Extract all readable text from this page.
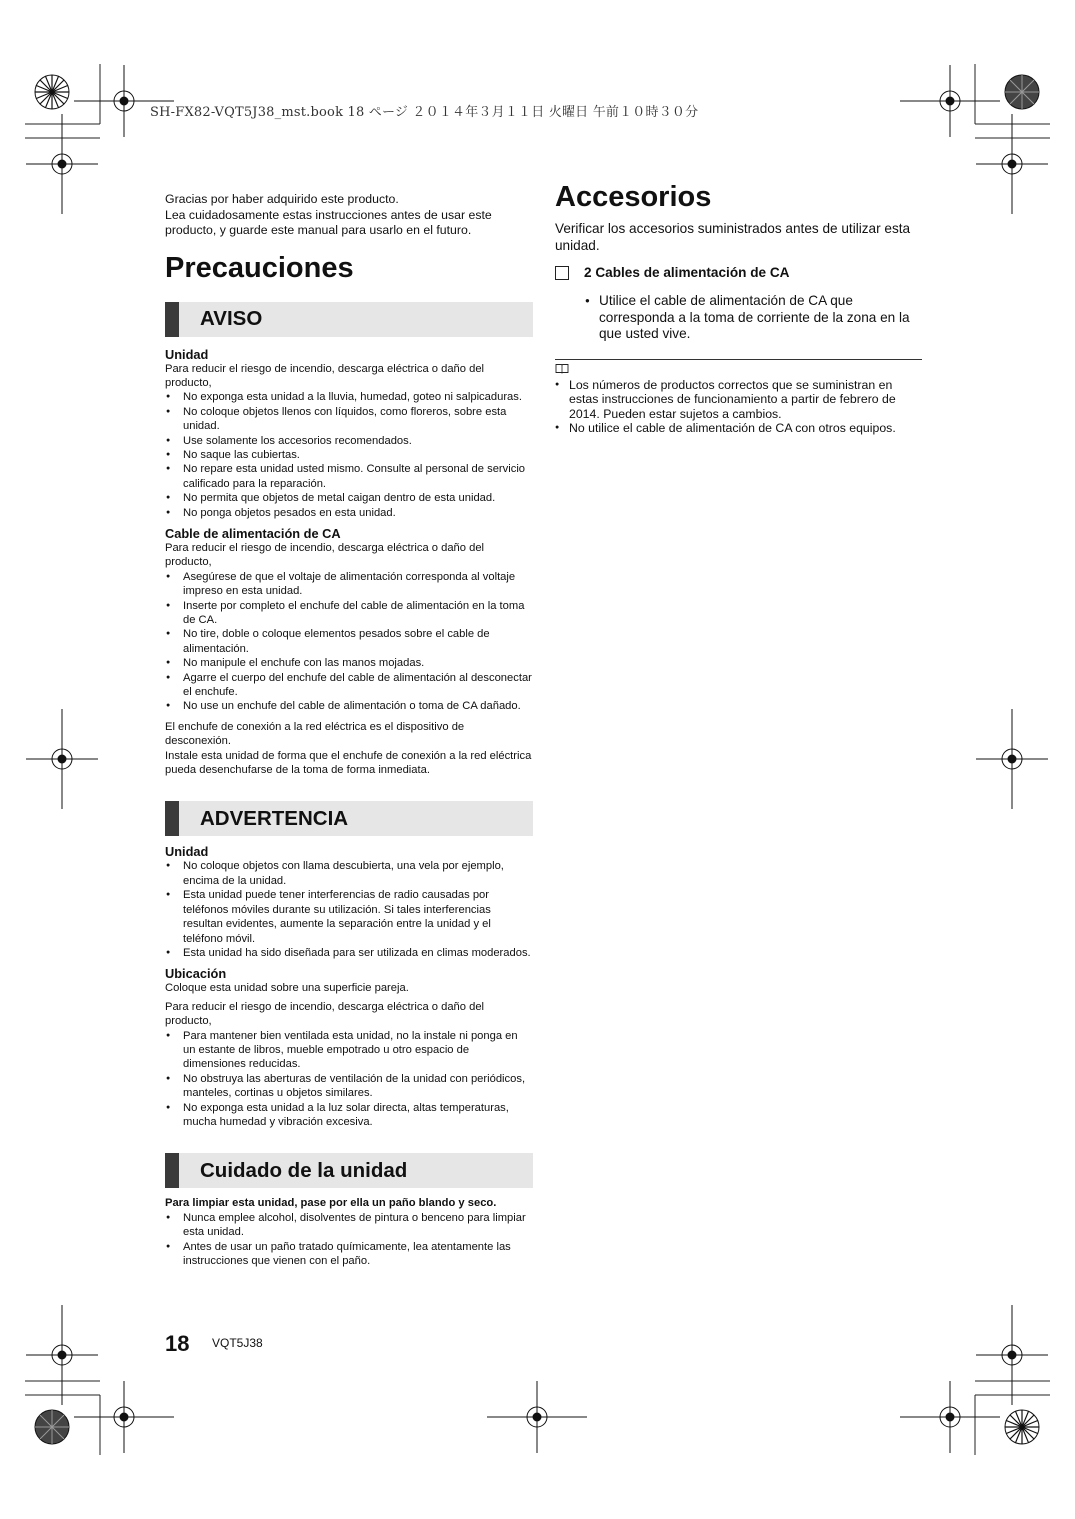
SH-FX82-VQT5J38_mst.book 18 ページ ２０１４年３月１１日 火曜日 午前１０時３０分

Gracias por haber adquirido este producto.

Lea cuidadosamente estas instrucciones antes de usar este producto, y guarde este manual para usarlo en el futuro.

Precauciones
AVISO

Unidad

Para reducir el riesgo de incendio, descarga eléctrica o daño del producto,

● No exponga esta unidad a la lluvia, humedad, goteo ni salpicaduras.
● No coloque objetos llenos con líquidos, como floreros, sobre esta unidad.
● Use solamente los accesorios recomendados.
● No saque las cubiertas.
● No repare esta unidad usted mismo. Consulte al personal de servicio calificado para la reparación.
● No permita que objetos de metal caigan dentro de esta unidad.
● No ponga objetos pesados en esta unidad.

Cable de alimentación de CA

Para reducir el riesgo de incendio, descarga eléctrica o daño del producto,

● Asegúrese de que el voltaje de alimentación corresponda al voltaje impreso en esta unidad.
● Inserte por completo el enchufe del cable de alimentación en la toma de CA.
● No tire, doble o coloque elementos pesados sobre el cable de alimentación.
● No manipule el enchufe con las manos mojadas.
● Agarre el cuerpo del enchufe del cable de alimentación al desconectar el enchufe.
● No use un enchufe del cable de alimentación o toma de CA dañado.

El enchufe de conexión a la red eléctrica es el dispositivo de desconexión.

Instale esta unidad de forma que el enchufe de conexión a la red eléctrica pueda desenchufarse de la toma de forma inmediata.

ADVERTENCIA

Unidad

● No coloque objetos con llama descubierta, una vela por ejemplo, encima de la unidad.
● Esta unidad puede tener interferencias de radio causadas por teléfonos móviles durante su utilización. Si tales interferencias resultan evidentes, aumente la separación entre la unidad y el teléfono móvil.
● Esta unidad ha sido diseñada para ser utilizada en climas moderados.

Ubicación

Coloque esta unidad sobre una superficie pareja.

Para reducir el riesgo de incendio, descarga eléctrica o daño del producto,

● Para mantener bien ventilada esta unidad, no la instale ni ponga en un estante de libros, mueble empotrado u otro espacio de dimensiones reducidas.
● No obstruya las aberturas de ventilación de la unidad con periódicos, manteles, cortinas u objetos similares.
● No exponga esta unidad a la luz solar directa, altas temperaturas, mucha humedad y vibración excesiva.
Cuidado de la unidad

Para limpiar esta unidad, pase por ella un paño blando y seco.

● Nunca emplee alcohol, disolventes de pintura o benceno para limpiar esta unidad.
● Antes de usar un paño tratado químicamente, lea atentamente las instrucciones que vienen con el paño.
Accesorios

Verificar los accesorios suministrados antes de utilizar esta unidad.

2 Cables de alimentación de CA
● Utilice el cable de alimentación de CA que corresponda a la toma de corriente de la zona en la que usted vive.
● Los números de productos correctos que se suministran en estas instrucciones de funcionamiento a partir de febrero de 2014. Pueden estar sujetos a cambios.
● No utilice el cable de alimentación de CA con otros equipos.
18 VQT5J38
